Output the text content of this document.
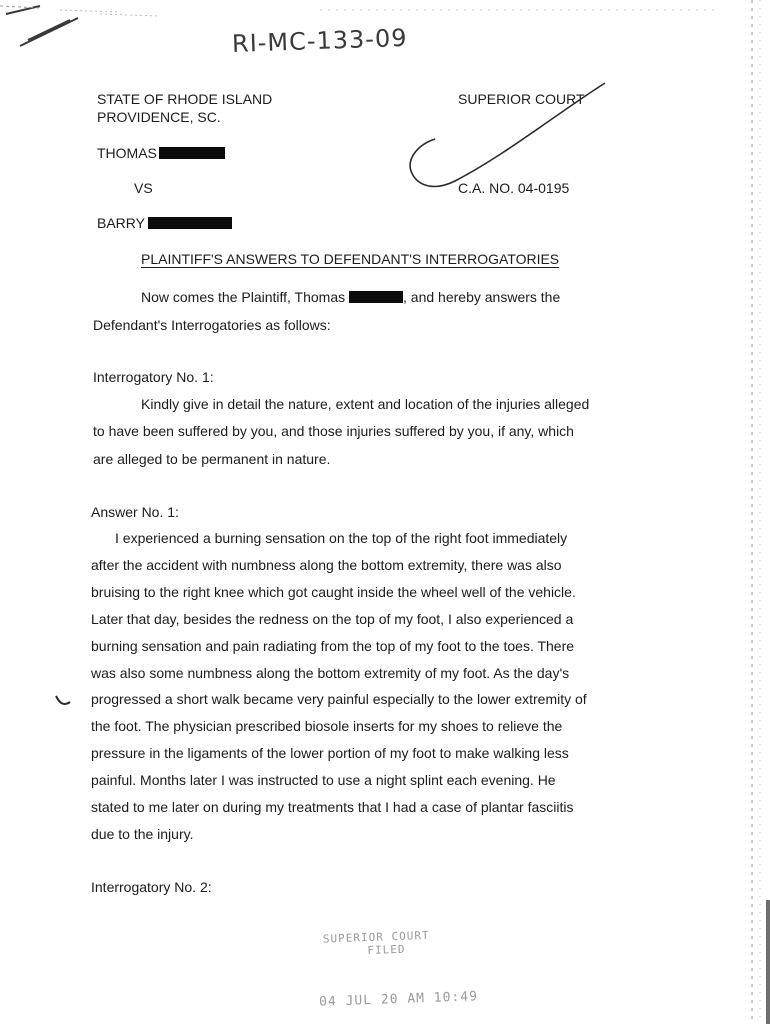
RI-MC-133-09
STATE OF RHODE ISLAND
PROVIDENCE, SC.
SUPERIOR COURT
THOMAS
VS	C.A. NO. 04-0195
BARRY
PLAINTIFF'S ANSWERS TO DEFENDANT'S INTERROGATORIES
Now comes the Plaintiff, Thomas	, and hereby answers the
Defendant's Interrogatories as follows:
Interrogatory No. 1:
Kindly give in detail the nature, extent and location of the injuries alleged
to have been suffered by you, and those injuries suffered by you, if any, which
are alleged to be permanent in nature.
Answer No. 1:
I experienced a burning sensation on the top of the right foot immediately
after the accident with numbness along the bottom extremity, there was also
bruising to the right knee which got caught inside the wheel well of the vehicle.
Later that day, besides the redness on the top of my foot, I also experienced a
burning sensation and pain radiating from the top of my foot to the toes. There
was also some numbness along the bottom extremity of my foot. As the day's
progressed a short walk became very painful especially to the lower extremity of
the foot. The physician prescribed biosole inserts for my shoes to relieve the
pressure in the ligaments of the lower portion of my foot to make walking less
painful. Months later I was instructed to use a night splint each evening. He
stated to me later on during my treatments that I had a case of plantar fasciitis
due to the injury.
Interrogatory No. 2:
SUPERIOR COURT
FILED
04 JUL 20 AM 10:49
